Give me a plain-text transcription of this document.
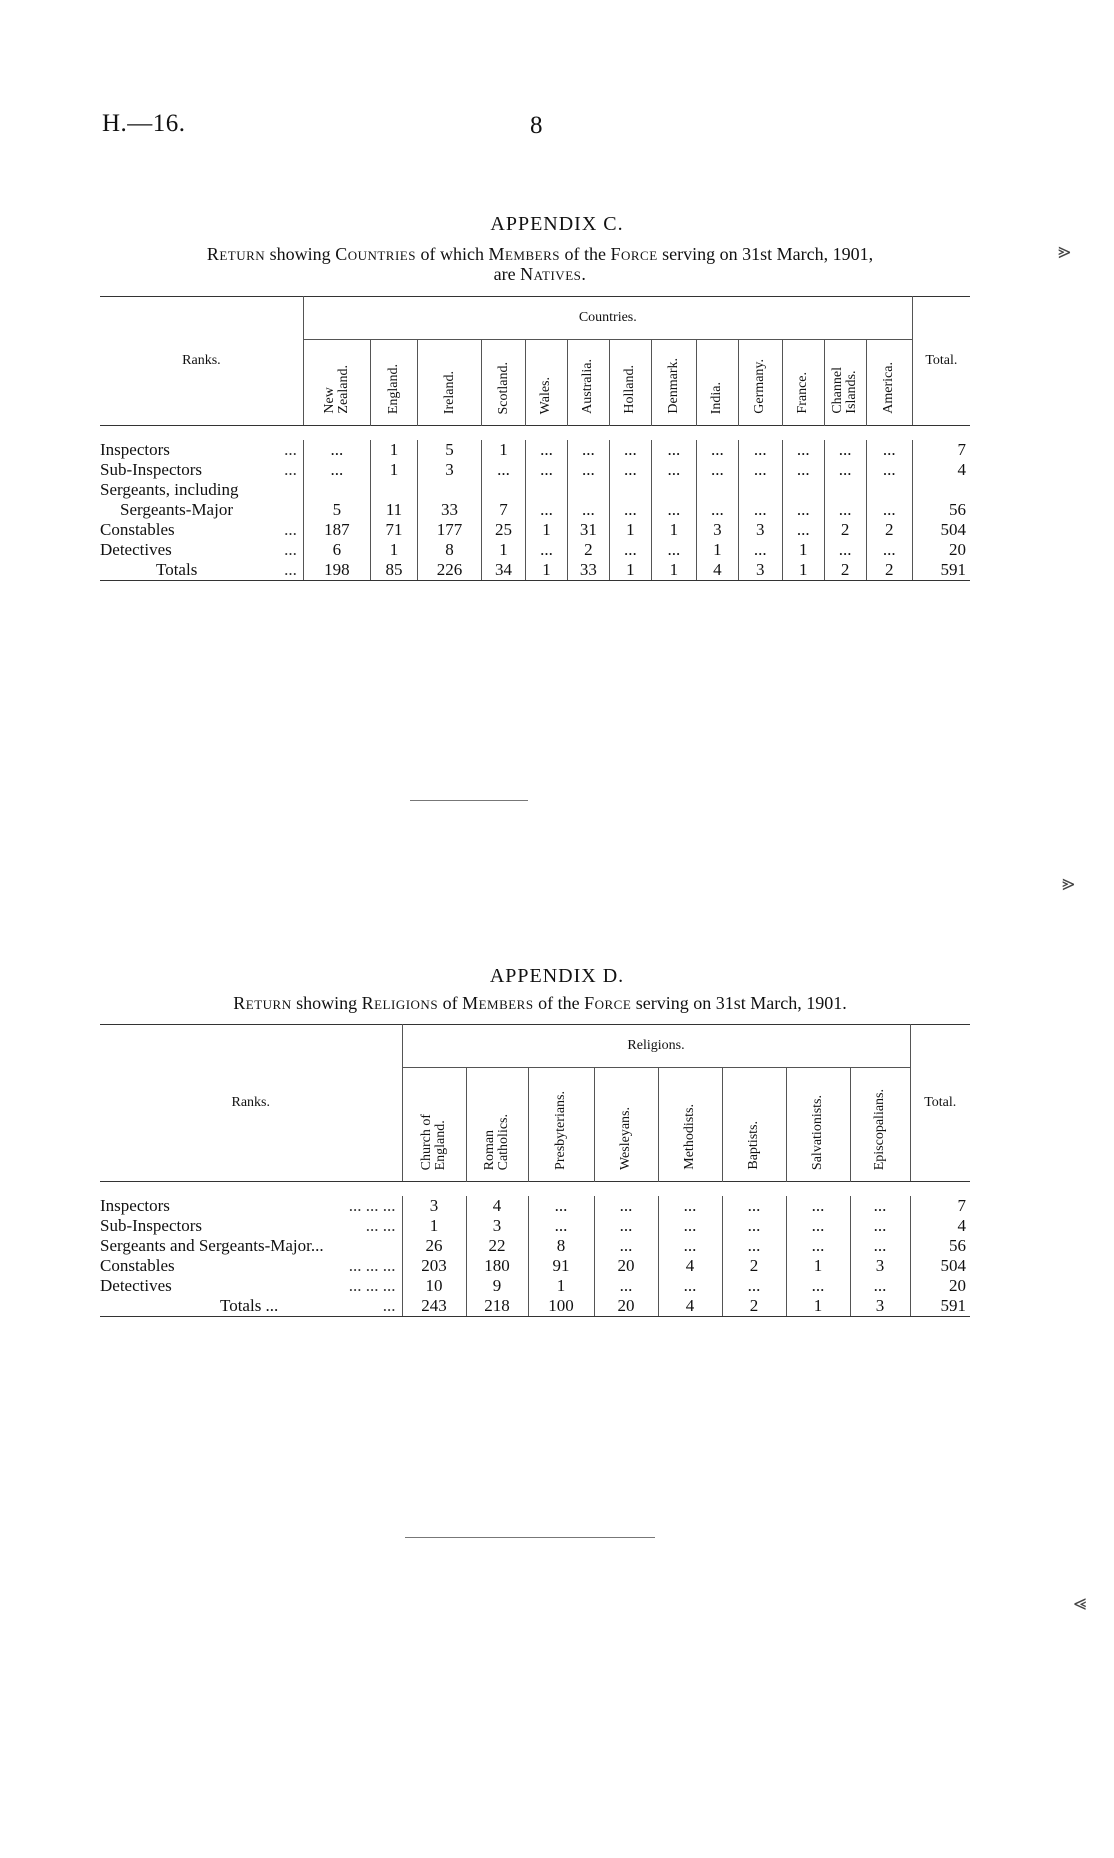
H.—16.	8
⪢
⪢
⪡
APPENDIX C.
Return showing Countries of which Members of the Force serving on 31st March, 1901,
are Natives.
Ranks.	Countries.													Total.
	New
Zealand.	England.	Ireland.	Scotland.	Wales.	Australia.	Holland.	Denmark.	India.	Germany.	France.	Channel
Islands.	America.	

Inspectors ...	...	1	5	1	...	...	...	...	...	...	...	...	...	7
Sub-Inspectors ...	...	1	3	...	...	...	...	...	...	...	...	...	...	4
Sergeants, including
Sergeants-Major	5	11	33	7	...	...	...	...	...	...	...	...	...	56
Constables ...	187	71	177	25	1	31	1	1	3	3	...	2	2	504
Detectives ...	6	1	8	1	...	2	...	...	1	...	1	...	...	20
Totals ...	198	85	226	34	1	33	1	1	4	3	1	2	2	591
APPENDIX D.
Return showing Religions of Members of the Force serving on 31st March, 1901.
Ranks.	Religions.								Total.
	Church of
England.	Roman
Catholics.	Presbyterians.	Wesleyans.	Methodists.	Baptists.	Salvationists.	Episcopalians.	

Inspectors ... ... ...	3	4	...	...	...	...	...	...	7
Sub-Inspectors ... ...	1	3	...	...	...	...	...	...	4
Sergeants and Sergeants-Major...	26	22	8	...	...	...	...	...	56
Constables ... ... ...	203	180	91	20	4	2	1	3	504
Detectives ... ... ...	10	9	1	...	...	...	...	...	20
Totals ... ...	243	218	100	20	4	2	1	3	591
